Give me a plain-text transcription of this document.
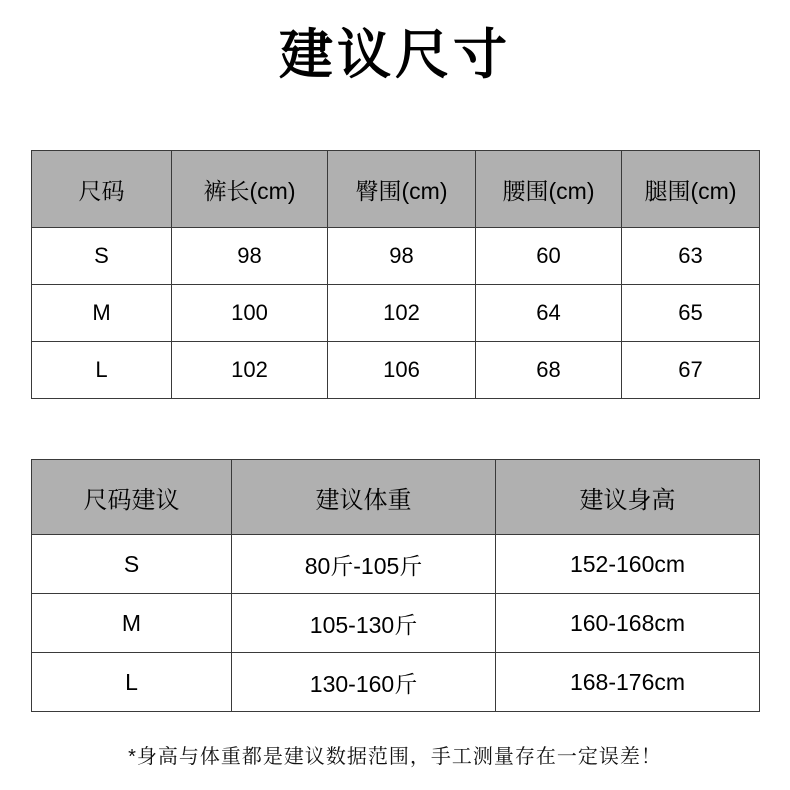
建议尺寸
尺码	裤长(cm)	臀围(cm)	腰围(cm)	腿围(cm)
S	98	98	60	63
M	100	102	64	65
L	102	106	68	67
尺码建议	建议体重	建议身高
S	80斤-105斤	152-160cm
M	105-130斤	160-168cm
L	130-160斤	168-176cm
*身高与体重都是建议数据范围，手工测量存在一定误差！
